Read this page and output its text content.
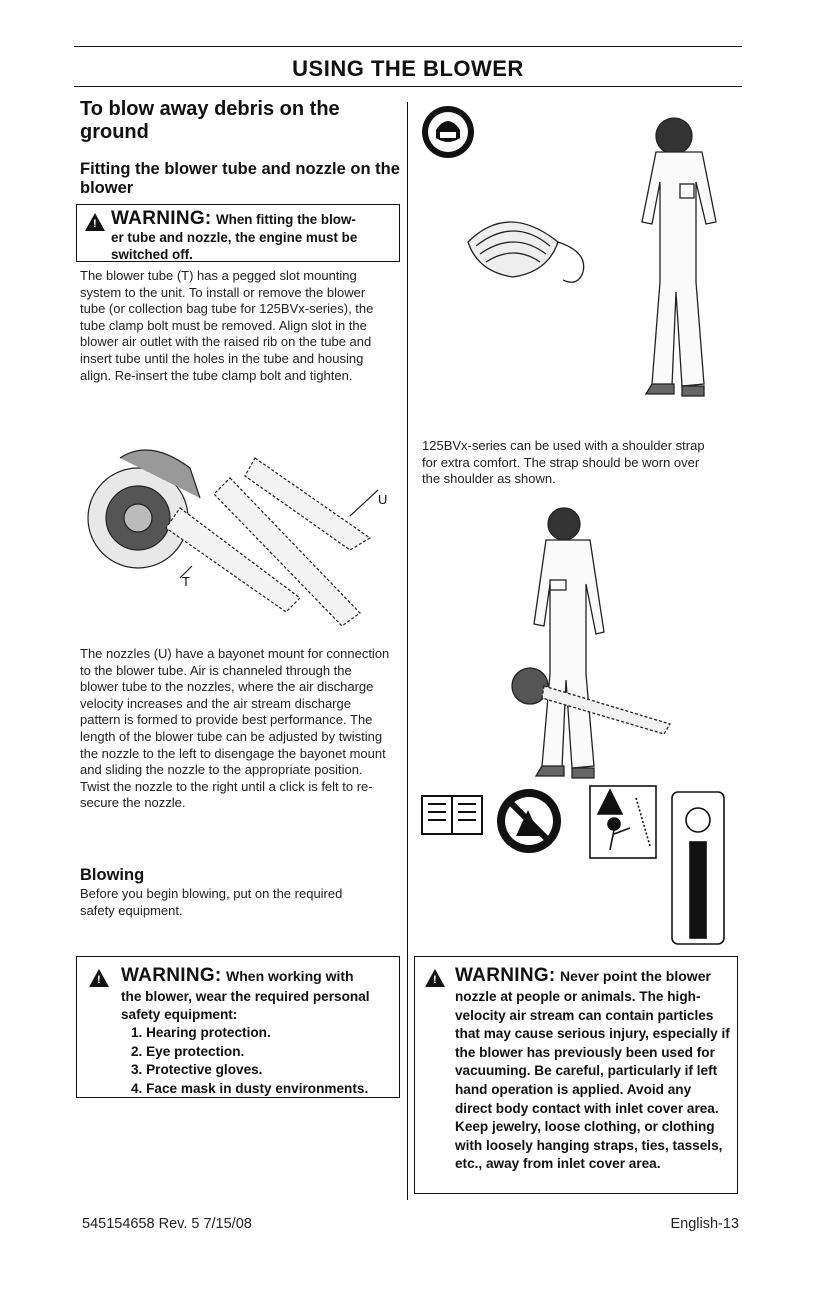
USING THE BLOWER
To blow away debris on the ground
Fitting the blower tube and nozzle on the blower
!
WARNING: When fitting the blow-
er tube and nozzle, the engine must be switched off.
The blower tube (T) has a pegged slot mounting system to the unit. To install or remove the blower tube (or collection bag tube for 125BVx-series), the tube clamp bolt must be removed. Align slot in the blower air outlet with the raised rib on the tube and insert tube until the holes in the tube and housing align. Re-insert the tube clamp bolt and tighten.
T
U
The nozzles (U) have a bayonet mount for connection to the blower tube. Air is channeled through the blower tube to the nozzles, where the air discharge velocity increases and the air stream discharge pattern is formed to provide best performance. The length of the blower tube can be adjusted by twisting the nozzle to the left to disengage the bayonet mount and sliding the nozzle to the appropriate position. Twist the nozzle to the right until a click is felt to re-secure the nozzle.
Blowing
Before you begin blowing, put on the required safety equipment.
!
WARNING: When working with
the blower, wear the required personal safety equipment:
1. Hearing protection.
2. Eye protection.
3. Protective gloves.
4. Face mask in dusty environments.
125BVx-series can be used with a shoulder strap for extra comfort. The strap should be worn over the shoulder as shown.
!
WARNING: Never point the blower
nozzle at people or animals. The high-velocity air stream can contain particles that may cause serious injury, especially if the blower has previously been used for vacuuming. Be careful, particularly if left hand operation is applied. Avoid any direct body contact with inlet cover area. Keep jewelry, loose clothing, or clothing with loosely hanging straps, ties, tassels, etc., away from inlet cover area.
545154658 Rev. 5 7/15/08	English-13
